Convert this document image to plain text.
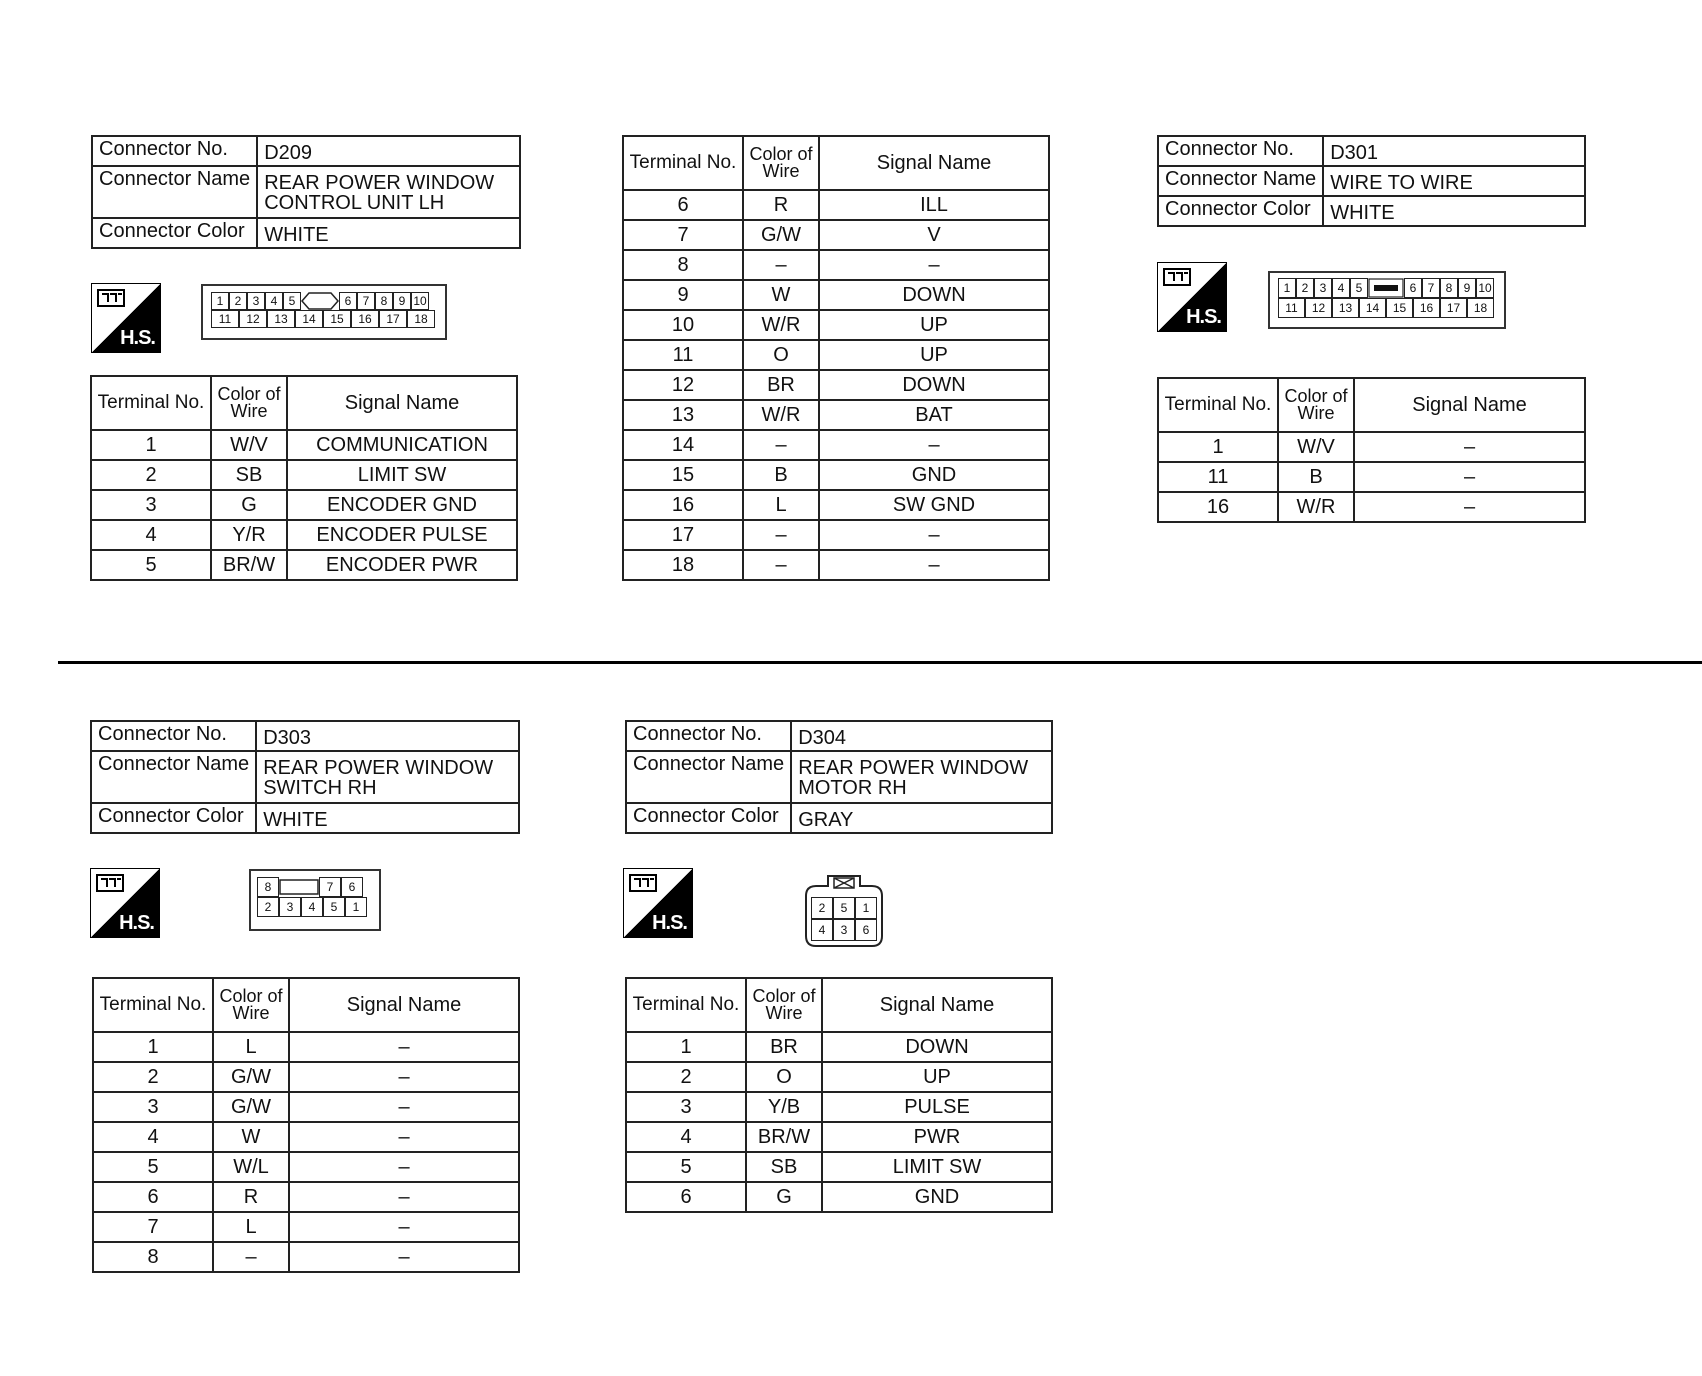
Connector No.	D209
Connector Name	REAR POWER WINDOW
CONTROL UNIT LH
Connector Color	WHITE
H.S.
1 2 3 4 5	6 7 8 9 10
11	12	13	14	15	16	17	18
Terminal No.	Color of Wire	Signal Name
1	W/V	COMMUNICATION
2	SB	LIMIT SW
3	G	ENCODER GND
4	Y/R	ENCODER PULSE
5	BR/W	ENCODER PWR
Terminal No.	Color of Wire	Signal Name
6	R	ILL
7	G/W	V
8	–	–
9	W	DOWN
10	W/R	UP
11	O	UP
12	BR	DOWN
13	W/R	BAT
14	–	–
15	B	GND
16	L	SW GND
17	–	–
18	–	–
Connector No.	D301
Connector Name	WIRE TO WIRE
Connector Color	WHITE
H.S.
1 2 3 4 5	6 7 8 9 10
11	12	13	14	15	16	17	18
Terminal No.	Color of Wire	Signal Name
1	W/V	–
11	B	–
16	W/R	–
Connector No.	D303
Connector Name	REAR POWER WINDOW
SWITCH RH
Connector Color	WHITE
H.S.
8	7	6
2	3	4	5	1
Terminal No.	Color of Wire	Signal Name
1	L	–
2	G/W	–
3	G/W	–
4	W	–
5	W/L	–
6	R	–
7	L	–
8	–	–
Connector No.	D304
Connector Name	REAR POWER WINDOW
MOTOR RH
Connector Color	GRAY
H.S.
2	5	1
4	3	6
Terminal No.	Color of Wire	Signal Name
1	BR	DOWN
2	O	UP
3	Y/B	PULSE
4	BR/W	PWR
5	SB	LIMIT SW
6	G	GND
